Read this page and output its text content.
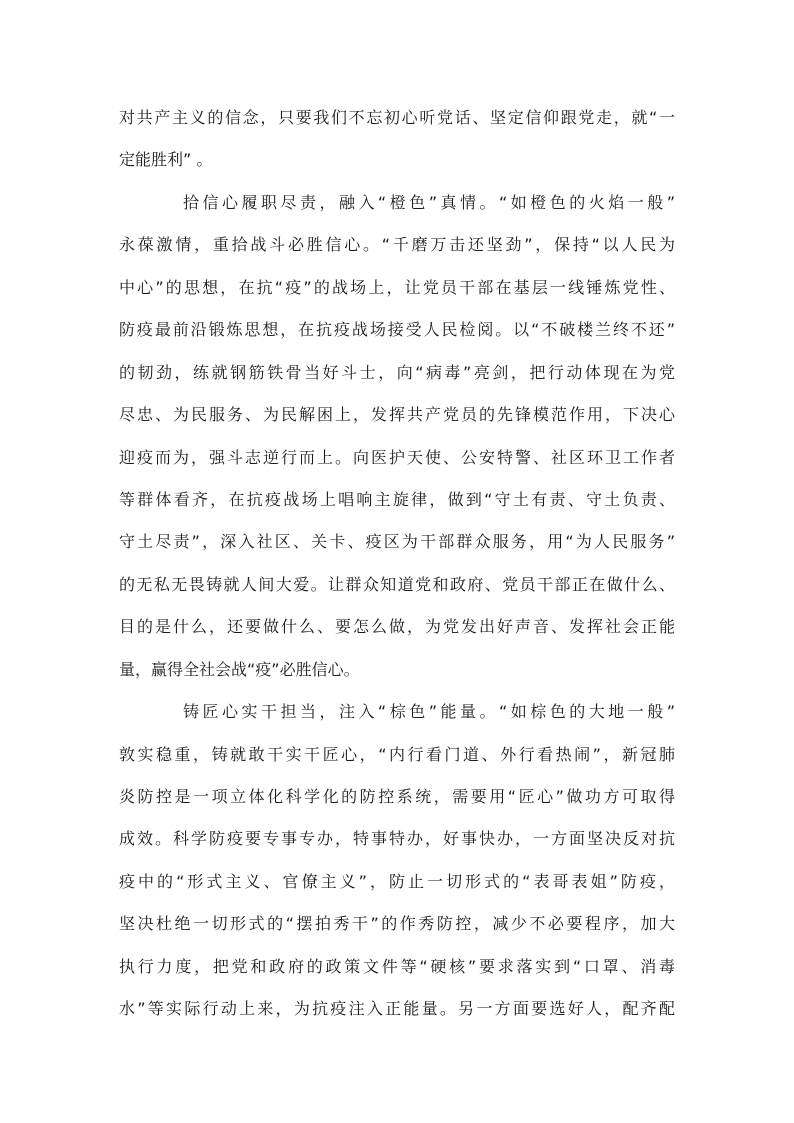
对共产主义的信念，只要我们不忘初心听党话、坚定信仰跟党走，就“一
定能胜利” 。
拾信心履职尽责，融入“橙色”真情。“如橙色的火焰一般”
永葆激情，重拾战斗必胜信心。“千磨万击还坚劲”，保持“以人民为
中心”的思想，在抗“疫”的战场上，让党员干部在基层一线锤炼党性、
防疫最前沿锻炼思想，在抗疫战场接受人民检阅。以“不破楼兰终不还”
的韧劲，练就钢筋铁骨当好斗士，向“病毒”亮剑，把行动体现在为党
尽忠、为民服务、为民解困上，发挥共产党员的先锋模范作用，下决心
迎疫而为，强斗志逆行而上。向医护天使、公安特警、社区环卫工作者
等群体看齐，在抗疫战场上唱响主旋律，做到“守土有责、守土负责、
守土尽责”，深入社区、关卡、疫区为干部群众服务，用“为人民服务”
的无私无畏铸就人间大爱。让群众知道党和政府、党员干部正在做什么、
目的是什么，还要做什么、要怎么做，为党发出好声音、发挥社会正能
量，赢得全社会战“疫”必胜信心。
铸匠心实干担当，注入“棕色”能量。“如棕色的大地一般”
敦实稳重，铸就敢干实干匠心，“内行看门道、外行看热闹”，新冠肺
炎防控是一项立体化科学化的防控系统，需要用“匠心”做功方可取得
成效。科学防疫要专事专办，特事特办，好事快办，一方面坚决反对抗
疫中的“形式主义、官僚主义”，防止一切形式的“表哥表姐”防疫，
坚决杜绝一切形式的“摆拍秀干”的作秀防控，减少不必要程序，加大
执行力度，把党和政府的政策文件等“硬核”要求落实到“口罩、消毒
水”等实际行动上来，为抗疫注入正能量。另一方面要选好人，配齐配
